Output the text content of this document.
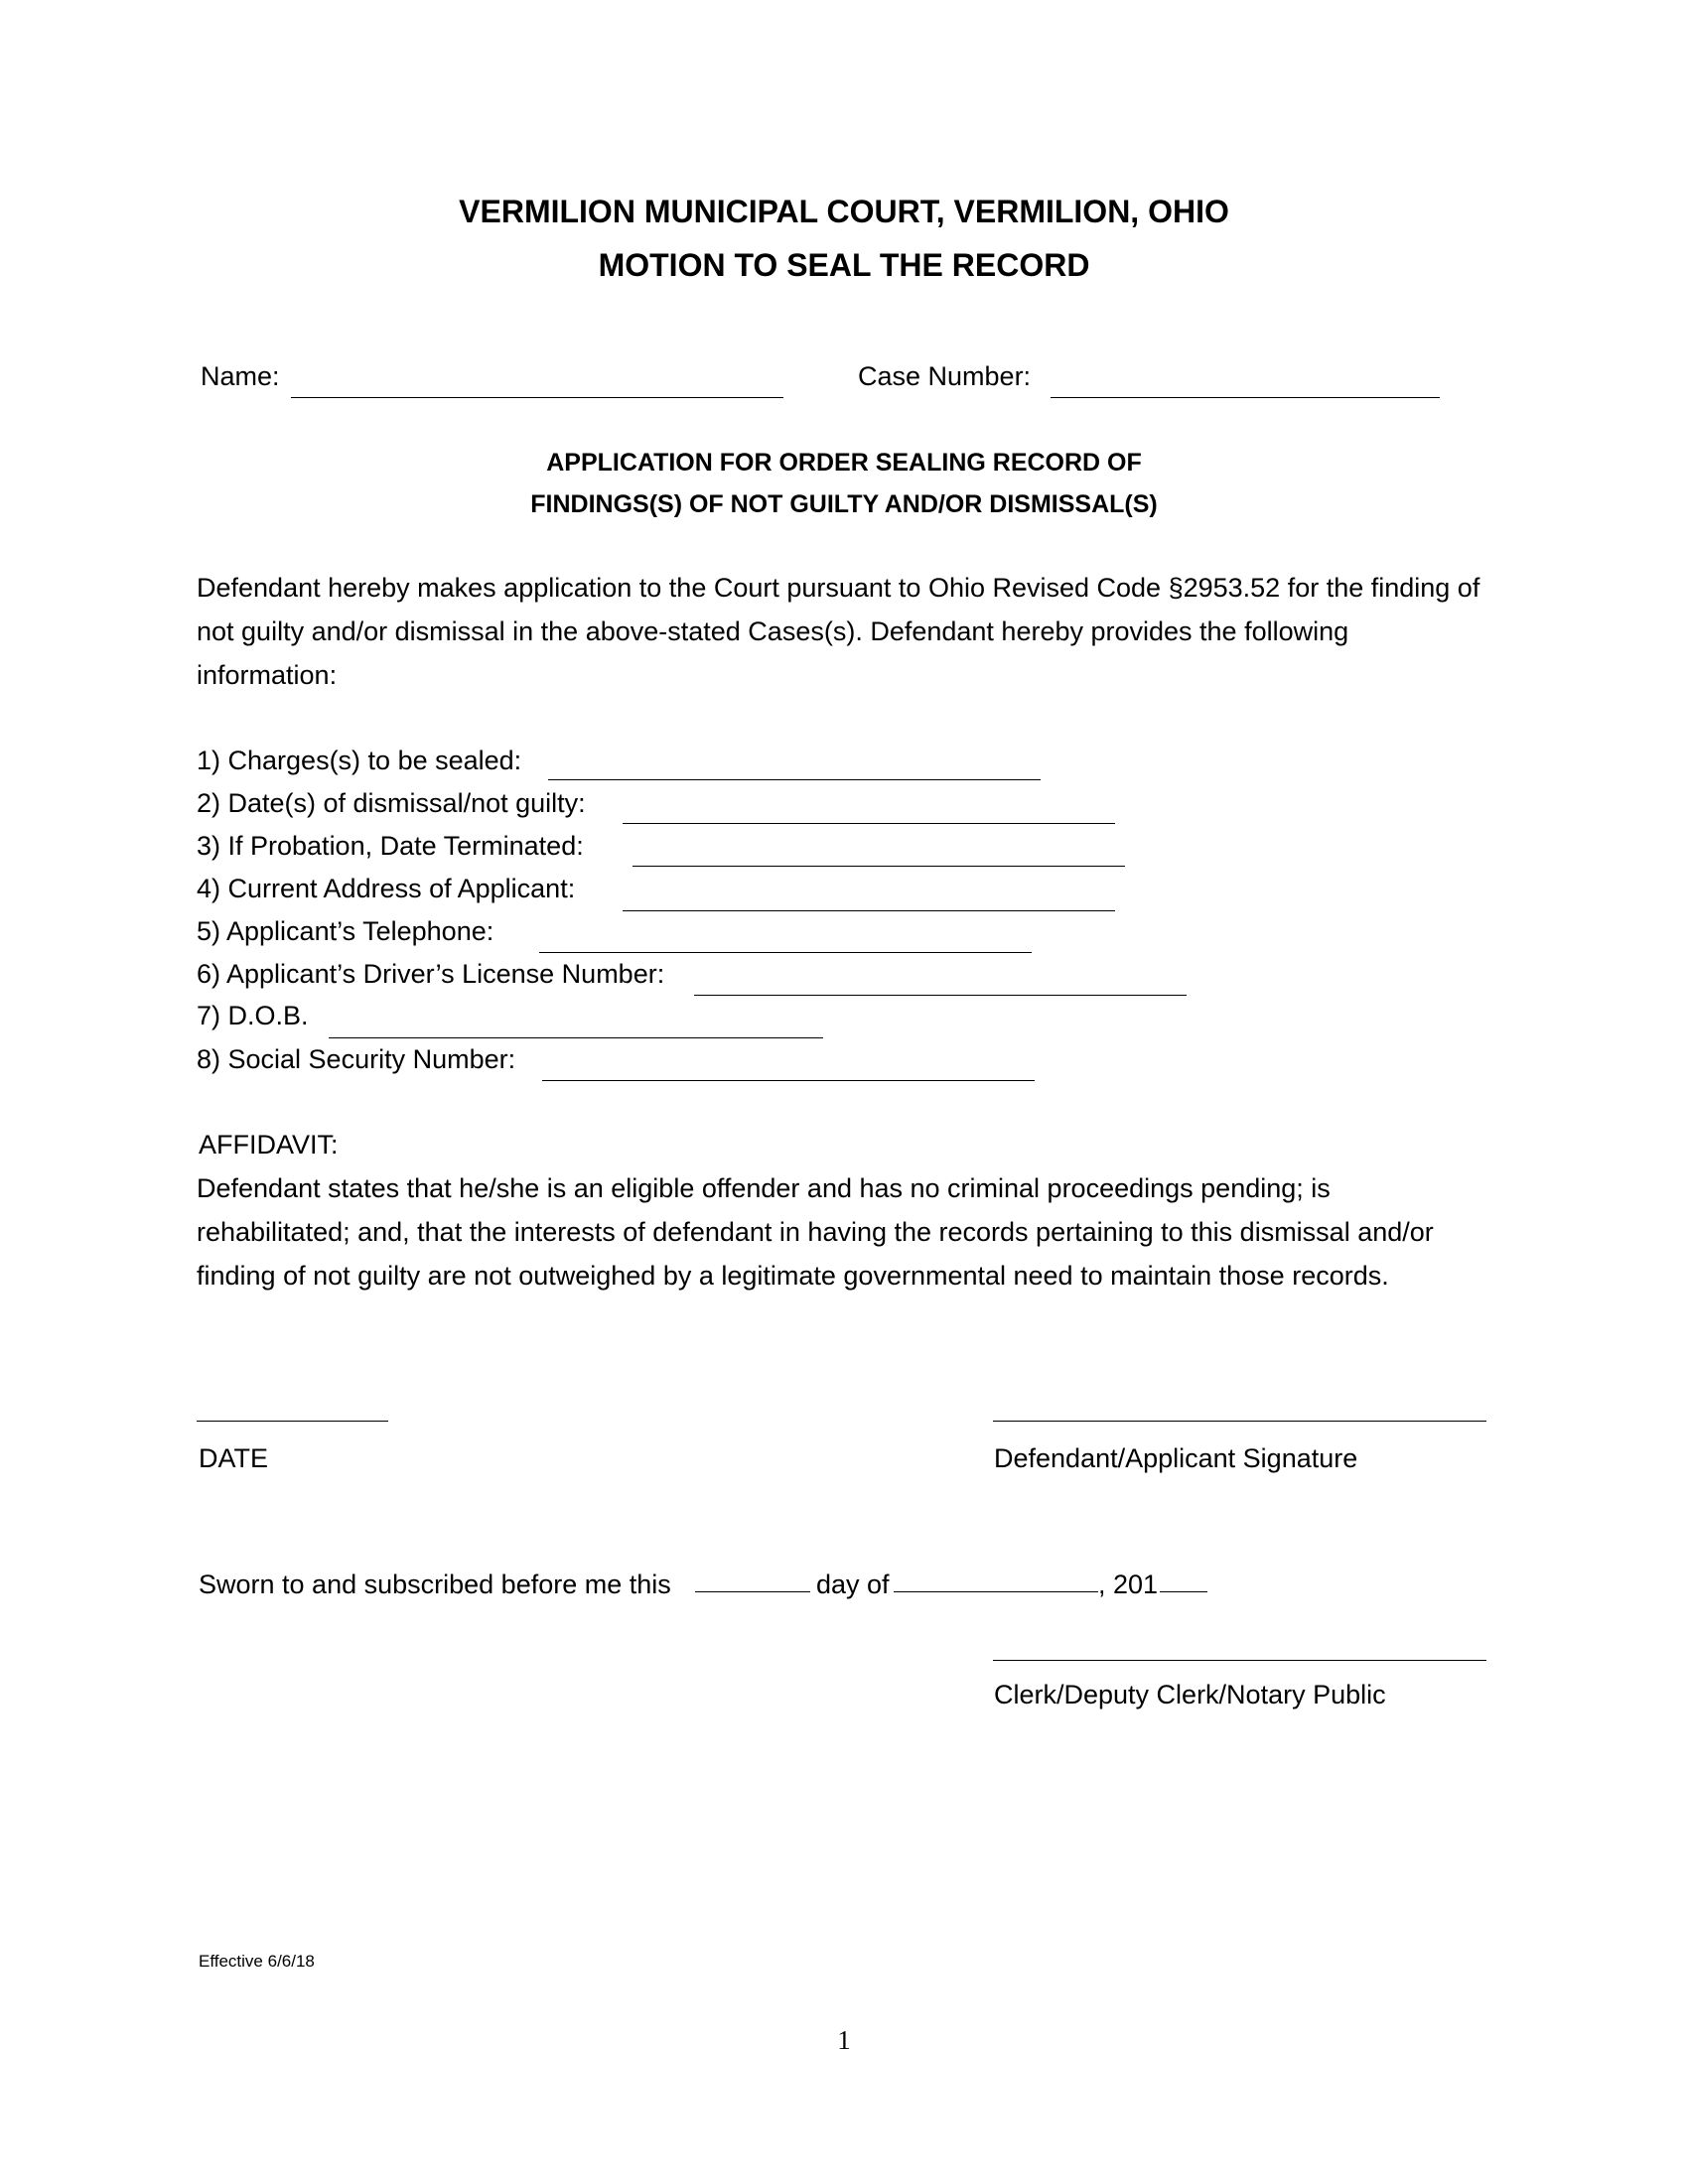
VERMILION MUNICIPAL COURT, VERMILION, OHIO
MOTION TO SEAL THE RECORD
Name:	Case Number:
APPLICATION FOR ORDER SEALING RECORD OF
FINDINGS(S) OF NOT GUILTY AND/OR DISMISSAL(S)
Defendant hereby makes application to the Court pursuant to Ohio Revised Code §2953.52 for the finding of not guilty and/or dismissal in the above-stated Cases(s). Defendant hereby provides the following information:
1) Charges(s) to be sealed:
2) Date(s) of dismissal/not guilty:
3) If Probation, Date Terminated:
4) Current Address of Applicant:
5) Applicant’s Telephone:
6) Applicant’s Driver’s License Number:
7) D.O.B.
8) Social Security Number:
AFFIDAVIT:
Defendant states that he/she is an eligible offender and has no criminal proceedings pending; is rehabilitated; and, that the interests of defendant in having the records pertaining to this dismissal and/or finding of not guilty are not outweighed by a legitimate governmental need to maintain those records.
DATE	Defendant/Applicant Signature
Sworn to and subscribed before me this	day of	, 201
Clerk/Deputy Clerk/Notary Public
Effective 6/6/18
1
